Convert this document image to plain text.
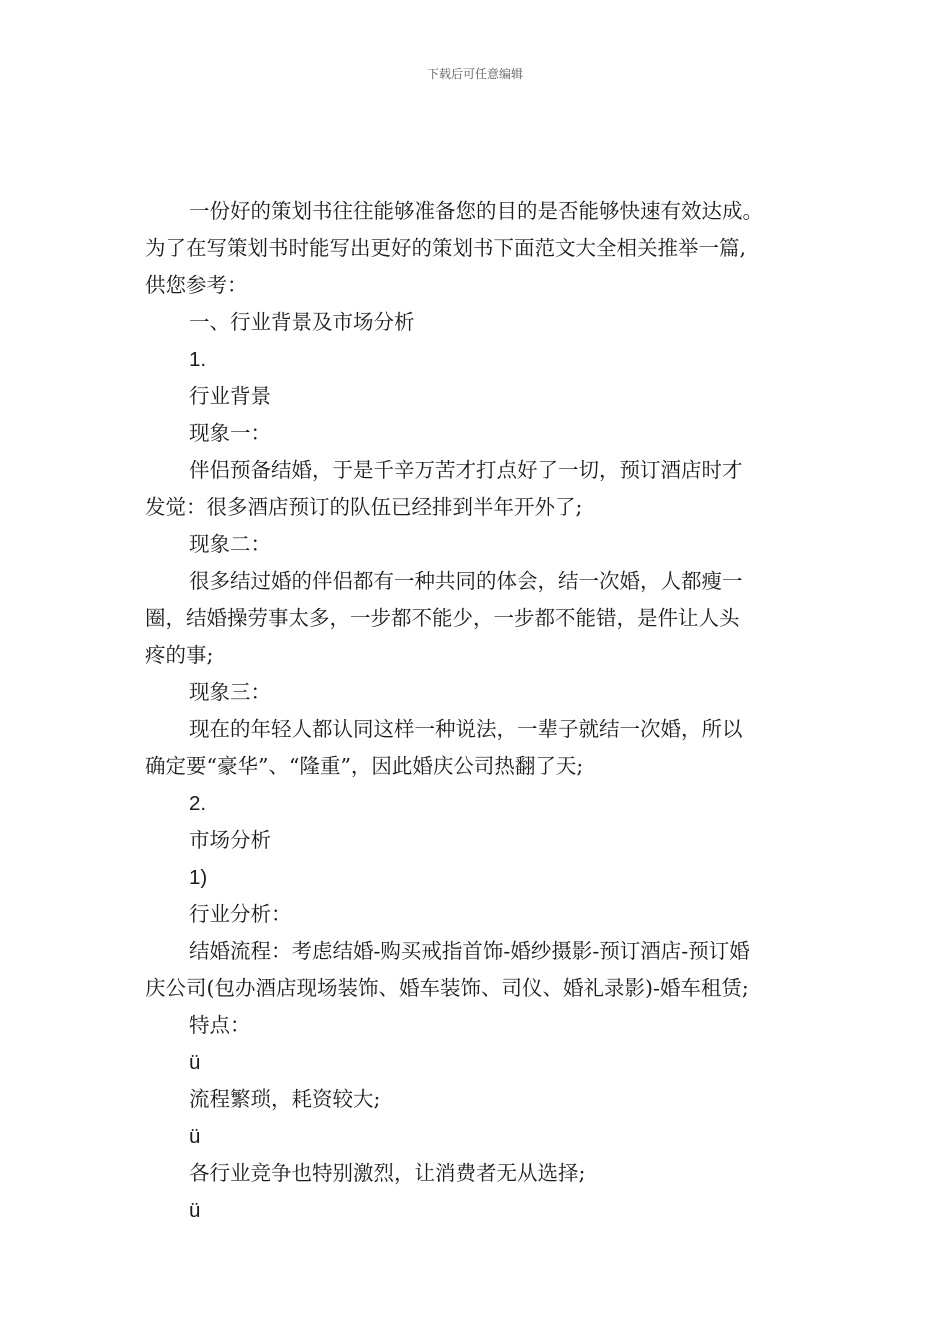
下载后可任意编辑

一份好的策划书往往能够准备您的目的是否能够快速有效达成。

为了在写策划书时能写出更好的策划书下面范文大全相关推举一篇,

供您参考：

一、行业背景及市场分析

1.

行业背景

现象一：

伴侣预备结婚，于是千辛万苦才打点好了一切，预订酒店时才

发觉：很多酒店预订的队伍已经排到半年开外了;

现象二：

很多结过婚的伴侣都有一种共同的体会，结一次婚，人都瘦一

圈，结婚操劳事太多，一步都不能少，一步都不能错，是件让人头

疼的事;

现象三：

现在的年轻人都认同这样一种说法，一辈子就结一次婚，所以

确定要“豪华”、“隆重”，因此婚庆公司热翻了天;

2.

市场分析

1)

行业分析：

结婚流程：考虑结婚-购买戒指首饰-婚纱摄影-预订酒店-预订婚

庆公司(包办酒店现场装饰、婚车装饰、司仪、婚礼录影)-婚车租赁;

特点：

ü

流程繁琐，耗资较大;

ü

各行业竞争也特别激烈，让消费者无从选择;

ü
